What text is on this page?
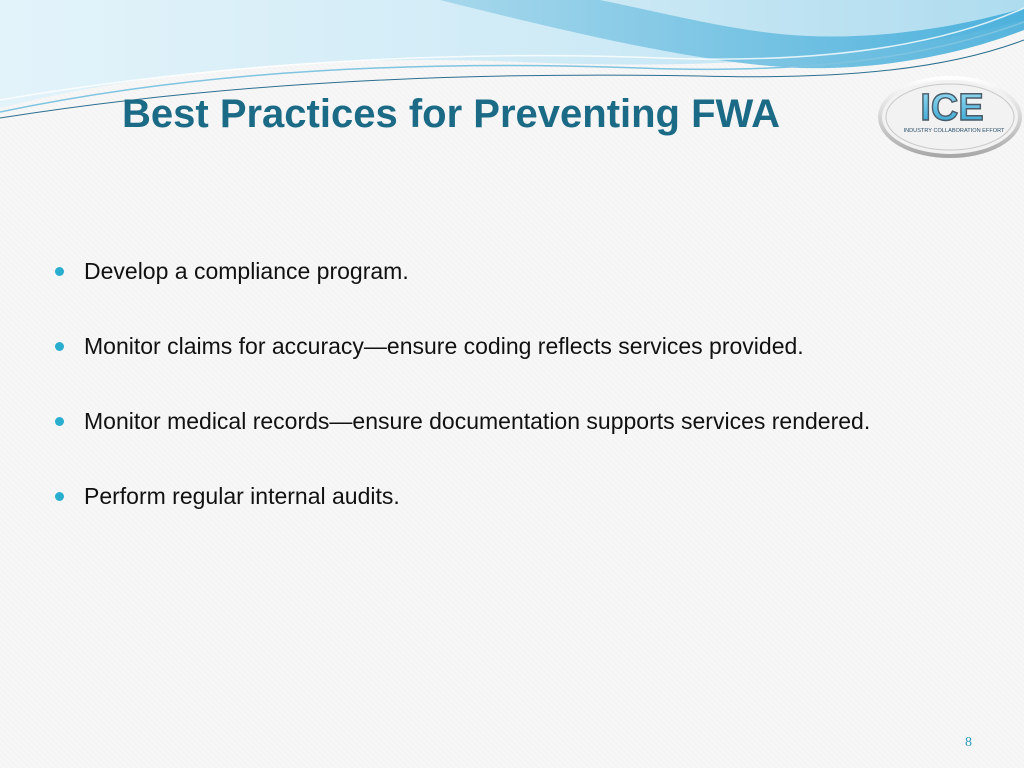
Best Practices for Preventing FWA	ICE
INDUSTRY COLLABORATION EFFORT
Develop a compliance program.
Monitor claims for accuracy—ensure coding reflects services provided.
Monitor medical records—ensure documentation supports services rendered.
Perform regular internal audits.
8
